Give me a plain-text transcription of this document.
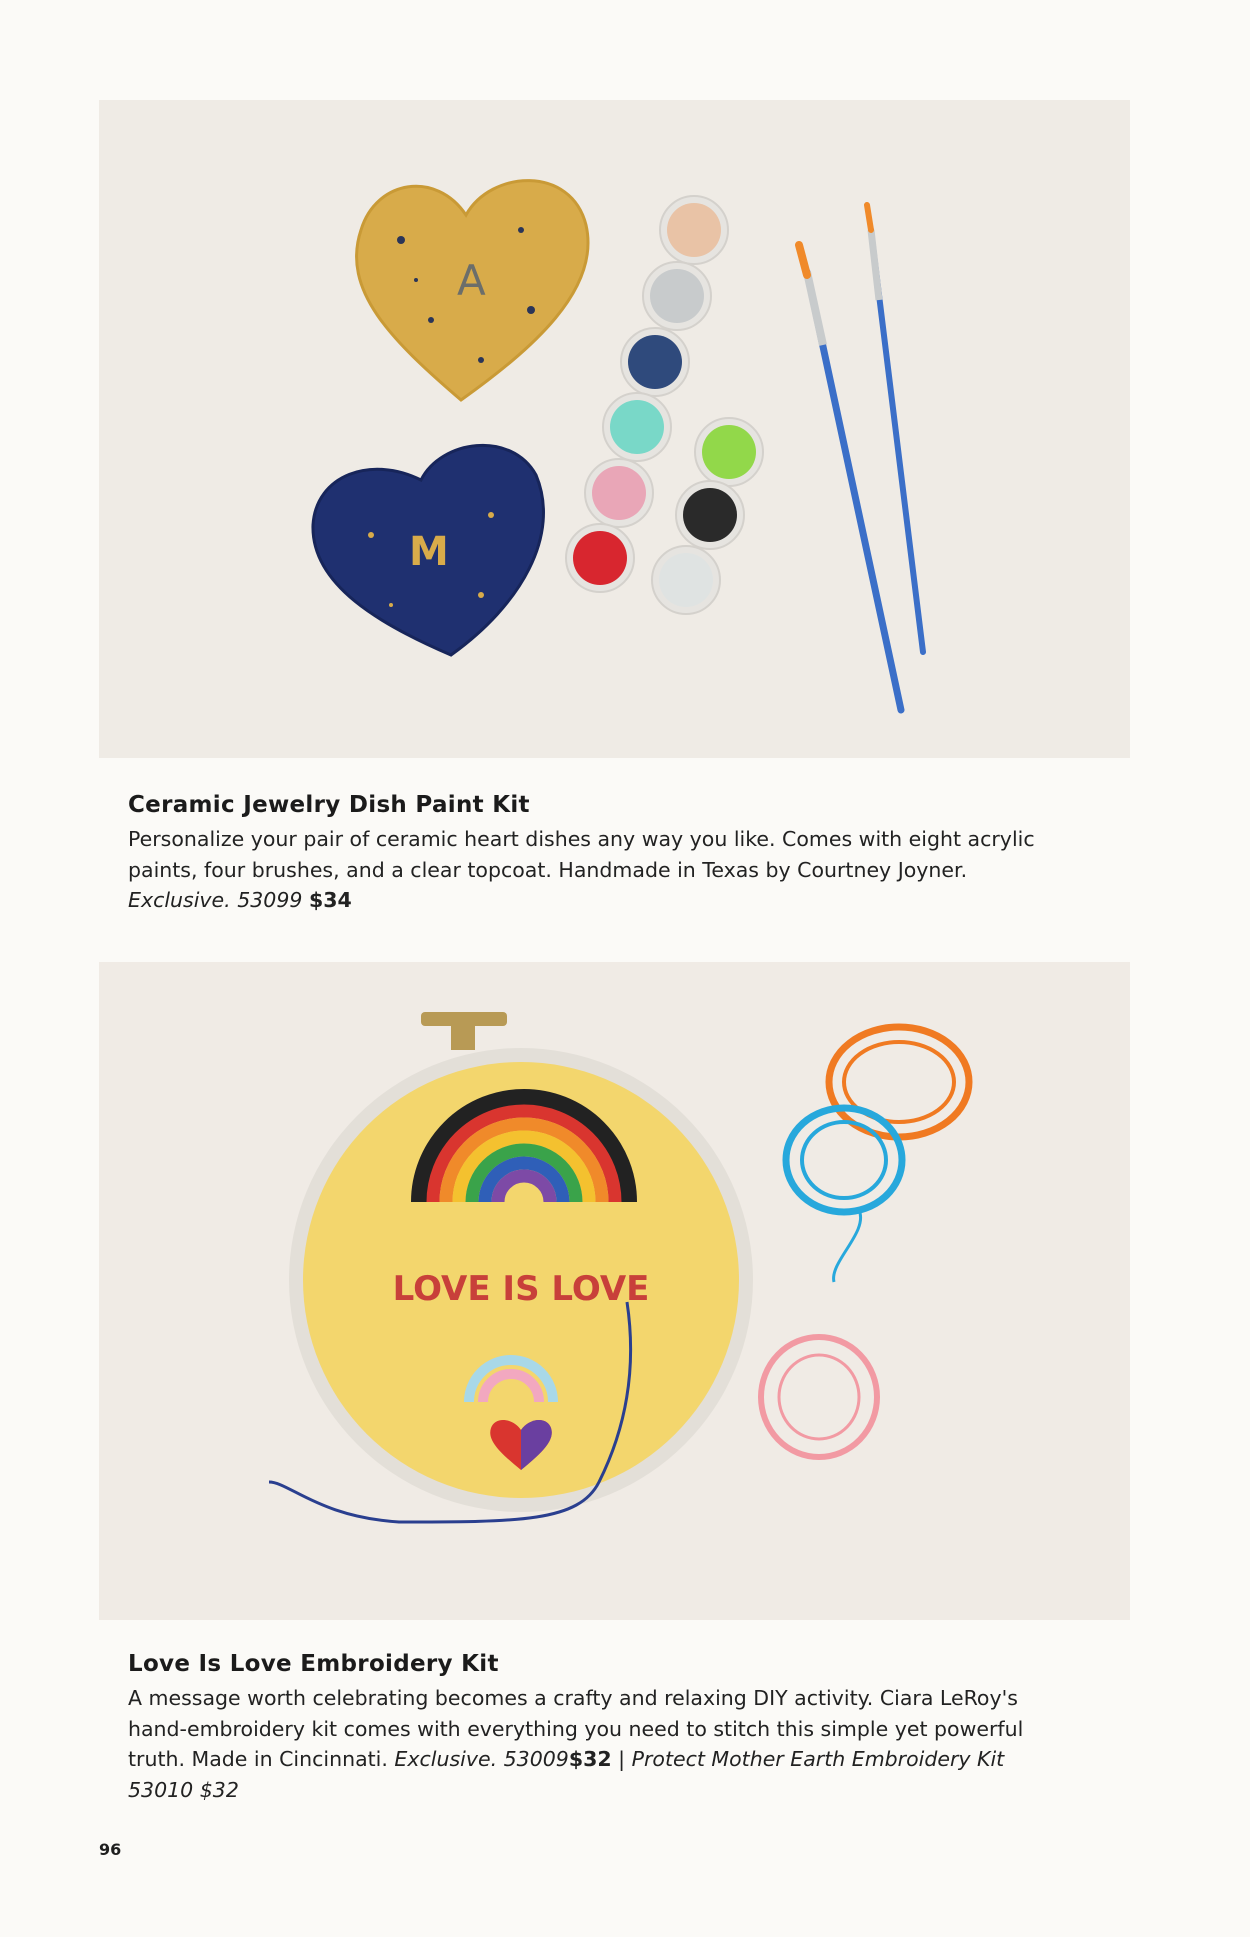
A
M

Ceramic Jewelry Dish Paint Kit

Personalize your pair of ceramic heart dishes any way you like. Comes with eight acrylic
paints, four brushes, and a clear topcoat. Handmade in Texas by Courtney Joyner.
Exclusive. 53099 $34

LOVE IS LOVE

Love Is Love Embroidery Kit

A message worth celebrating becomes a crafty and relaxing DIY activity. Ciara LeRoy's
hand-embroidery kit comes with everything you need to stitch this simple yet powerful
truth. Made in Cincinnati. Exclusive. 53009$32 | Protect Mother Earth Embroidery Kit
53010 $32

96
